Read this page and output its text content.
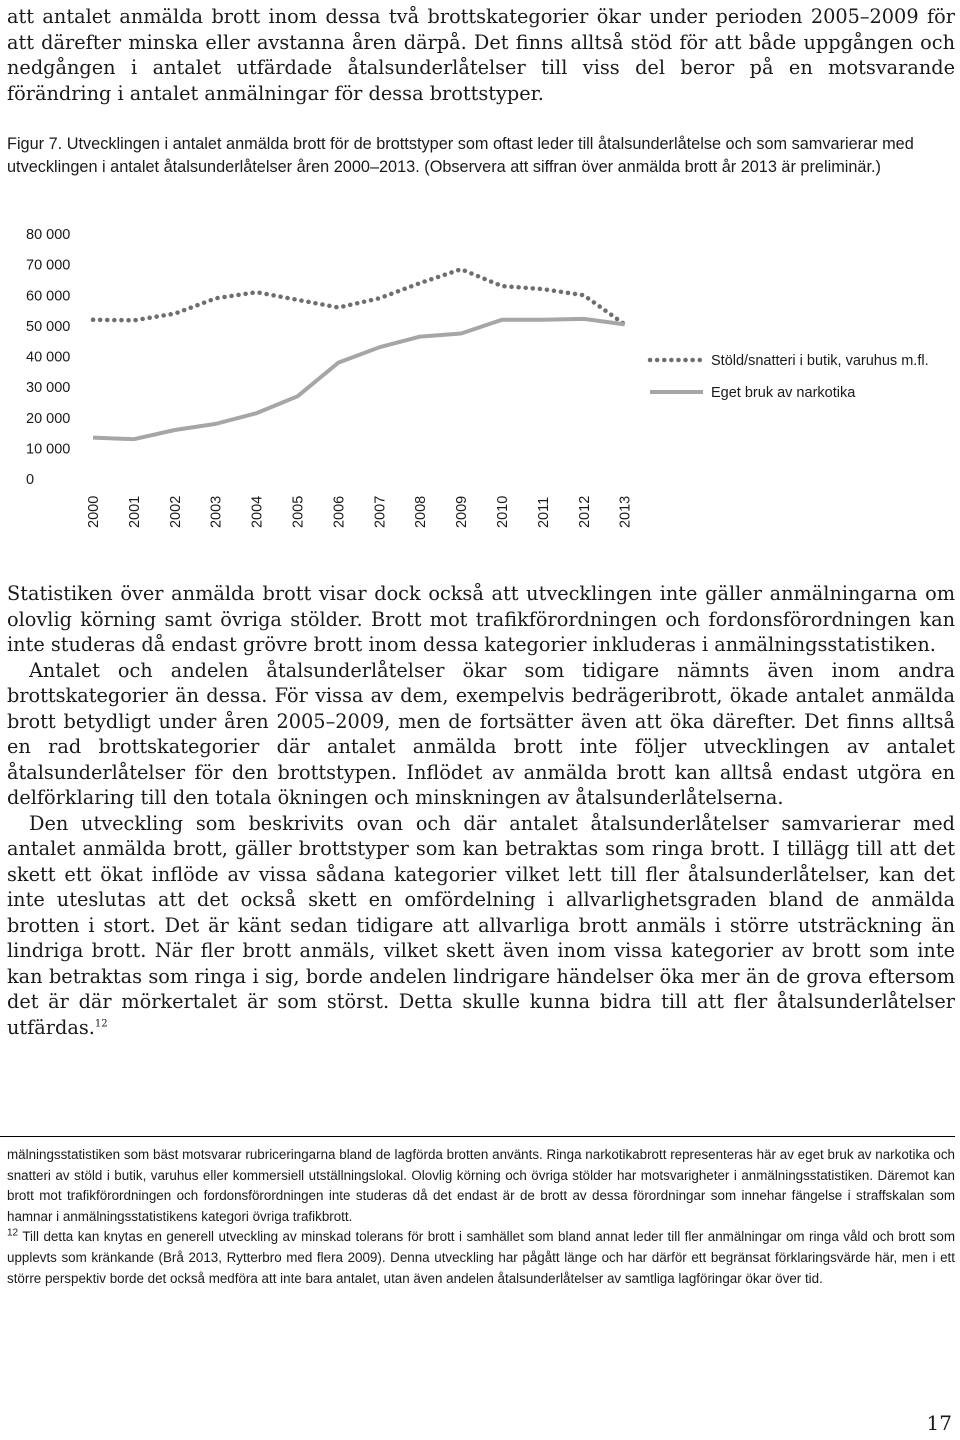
att antalet anmälda brott inom dessa två brottskategorier ökar under perioden 2005–2009 för att därefter minska eller avstanna åren därpå. Det finns alltså stöd för att både uppgången och nedgången i antalet utfärdade åtalsunderlåtelser till viss del beror på en motsvarande förändring i antalet anmälningar för dessa brottstyper.

Figur 7. Utvecklingen i antalet anmälda brott för de brottstyper som oftast leder till åtalsunderlåtelse och som samvarierar med utvecklingen i antalet åtalsunderlåtelser åren 2000–2013. (Observera att siffran över anmälda brott år 2013 är preliminär.)
0
10 000
20 000
30 000
40 000
50 000
60 000
70 000
80 000
2000 2001 2002 2003 2004 2005 2006 2007 2008 2009 2010 2011 2012 2013
Stöld/snatteri i butik, varuhus m.fl.
Eget bruk av narkotika

Statistiken över anmälda brott visar dock också att utvecklingen inte gäller anmälningarna om olovlig körning samt övriga stölder. Brott mot trafikförordningen och fordonsförordningen kan inte studeras då endast grövre brott inom dessa kategorier inkluderas i anmälningsstatistiken.

Antalet och andelen åtalsunderlåtelser ökar som tidigare nämnts även inom andra brottskategorier än dessa. För vissa av dem, exempelvis bedrägeribrott, ökade antalet anmälda brott betydligt under åren 2005–2009, men de fortsätter även att öka därefter. Det finns alltså en rad brottskategorier där antalet anmälda brott inte följer utvecklingen av antalet åtalsunderlåtelser för den brottstypen. Inflödet av anmälda brott kan alltså endast utgöra en delförklaring till den totala ökningen och minskningen av åtalsunderlåtelserna.

Den utveckling som beskrivits ovan och där antalet åtalsunderlåtelser samvarierar med antalet anmälda brott, gäller brottstyper som kan betraktas som ringa brott. I tillägg till att det skett ett ökat inflöde av vissa sådana kategorier vilket lett till fler åtalsunderlåtelser, kan det inte uteslutas att det också skett en omfördelning i allvarlighetsgraden bland de anmälda brotten i stort. Det är känt sedan tidigare att allvarliga brott anmäls i större utsträckning än lindriga brott. När fler brott anmäls, vilket skett även inom vissa kategorier av brott som inte kan betraktas som ringa i sig, borde andelen lindrigare händelser öka mer än de grova eftersom det är där mörkertalet är som störst. Detta skulle kunna bidra till att fler åtalsunderlåtelser utfärdas.$^{12}$

mälningsstatistiken som bäst motsvarar rubriceringarna bland de lagförda brotten använts. Ringa narkotikabrott representeras här av eget bruk av narkotika och snatteri av stöld i butik, varuhus eller kommersiell utställningslokal. Olovlig körning och övriga stölder har motsvarigheter i anmälningsstatistiken. Däremot kan brott mot trafikförordningen och fordonsförordningen inte studeras då det endast är de brott av dessa förordningar som innehar fängelse i straffskalan som hamnar i anmälningsstatistikens kategori övriga trafikbrott.

$^{12}$ Till detta kan knytas en generell utveckling av minskad tolerans för brott i samhället som bland annat leder till fler anmälningar om ringa våld och brott som upplevts som kränkande (Brå 2013, Rytterbro med flera 2009). Denna utveckling har pågått länge och har därför ett begränsat förklaringsvärde här, men i ett större perspektiv borde det också medföra att inte bara antalet, utan även andelen åtalsunderlåtelser av samtliga lagföringar ökar över tid.

17
